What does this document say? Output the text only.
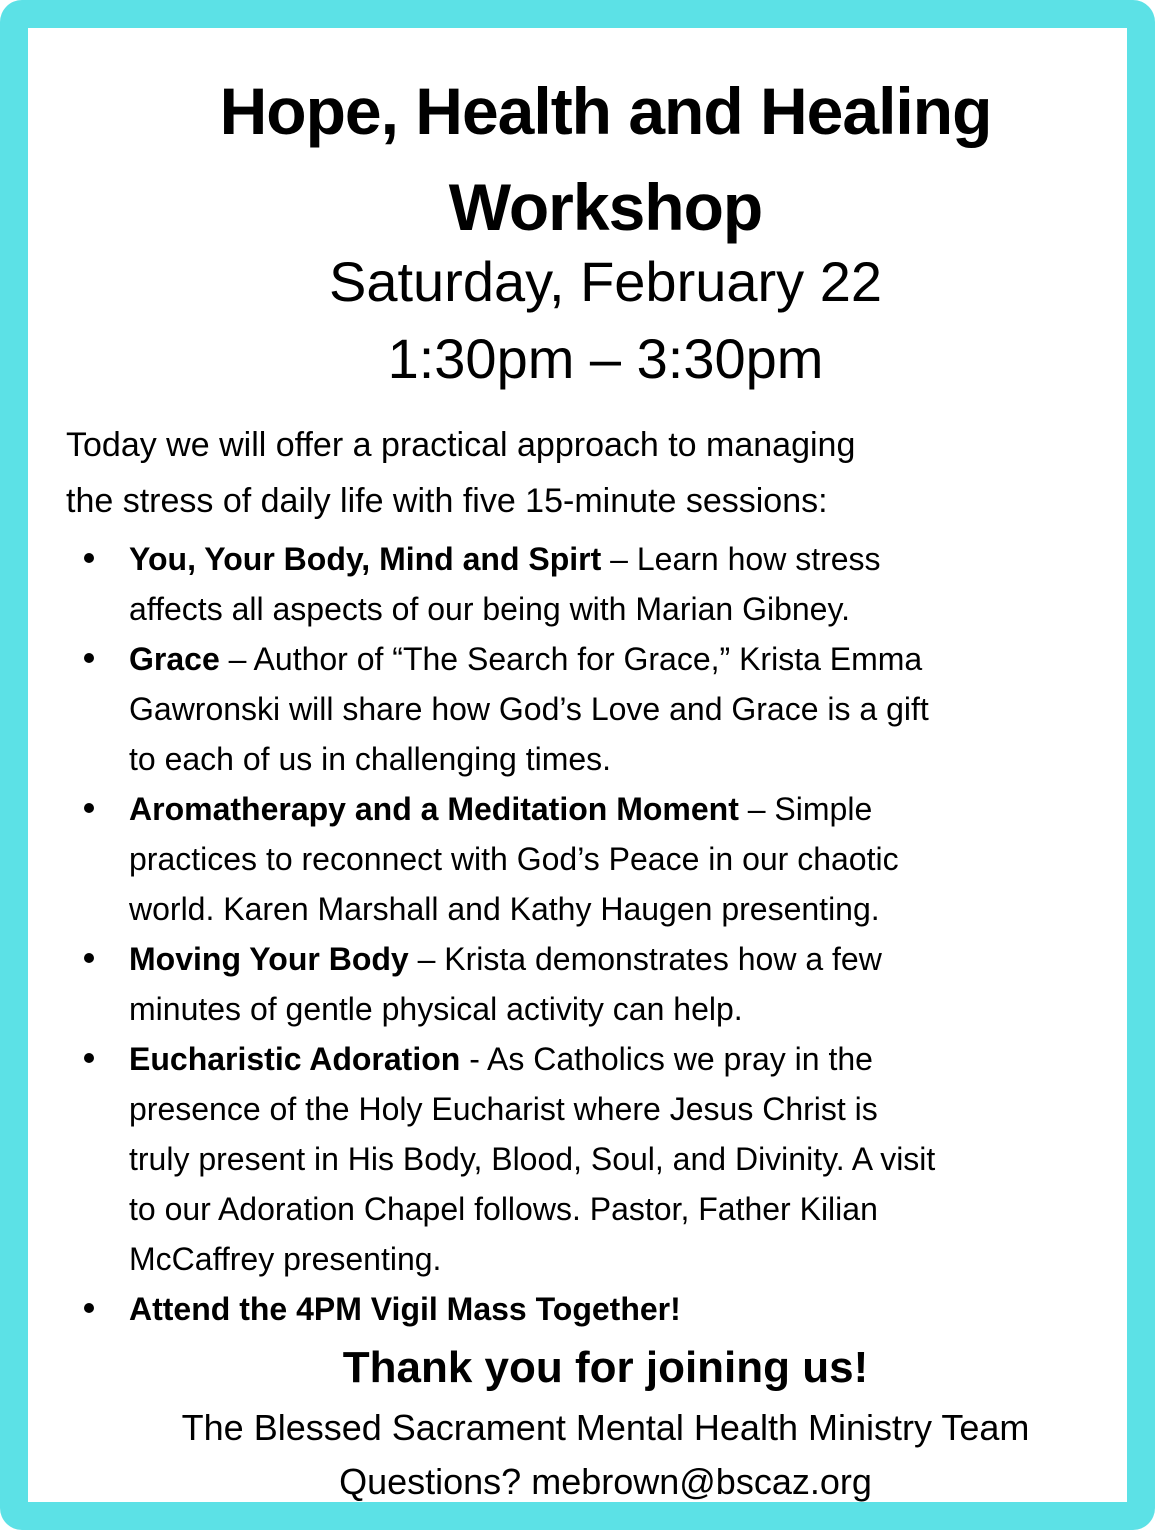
Hope, Health and Healing
Workshop
Saturday, February 22
1:30pm – 3:30pm
Today we will offer a practical approach to managing
the stress of daily life with five 15-minute sessions:
You, Your Body, Mind and Spirt – Learn how stress
affects all aspects of our being with Marian Gibney.
Grace – Author of “The Search for Grace,” Krista Emma
Gawronski will share how God’s Love and Grace is a gift
to each of us in challenging times.
Aromatherapy and a Meditation Moment – Simple
practices to reconnect with God’s Peace in our chaotic
world. Karen Marshall and Kathy Haugen presenting.
Moving Your Body – Krista demonstrates how a few
minutes of gentle physical activity can help.
Eucharistic Adoration - As Catholics we pray in the
presence of the Holy Eucharist where Jesus Christ is
truly present in His Body, Blood, Soul, and Divinity. A visit
to our Adoration Chapel follows. Pastor, Father Kilian
McCaffrey presenting.
Attend the 4PM Vigil Mass Together!
Thank you for joining us!
The Blessed Sacrament Mental Health Ministry Team
Questions? mebrown@bscaz.org
